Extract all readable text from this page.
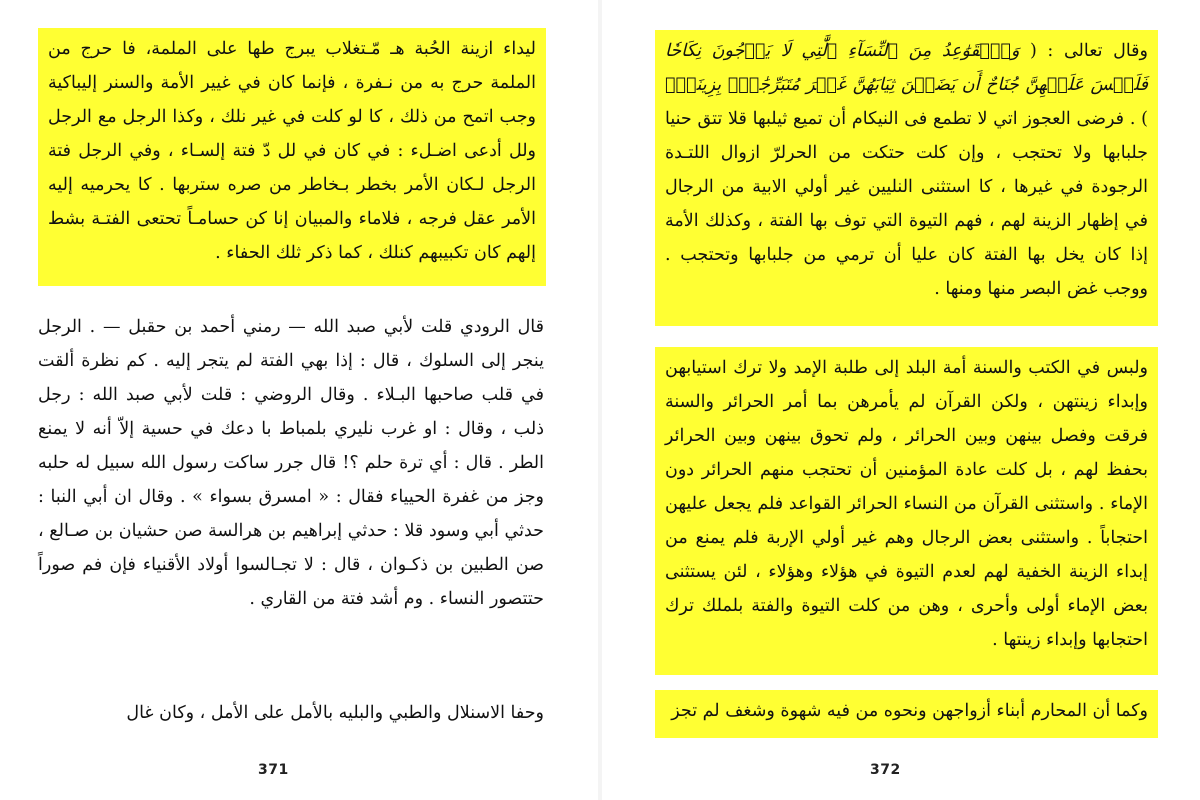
ليداء ازينة الحُبة هـ مّـتغلاب يبرج طها على الملمة، فا حرج من الملمة حرج به من نـفرة ، فإنما كان في غيير الأمة والسنر إليباكية وجب اتمح من ذلك ، كا لو كلت في غير نلك ، وكذا الرجل مع الرجل ولل أدعى اضـلء : في كان في لل دّ فتة إلسـاء ، وفي الرجل فتة الرجل لـكان الأمر بخطر بـخاطر من صره ستربها . كا يحرميه إليه الأمر عقل فرجه ، فلاماء والمبيان إنا كن حسامـاً تحتعى الفتـة بشط إلهم كان تكبيبهم كنلك ، كما ذكر ثلك الحفاء .

قال الرودي قلت لأبي صبد الله — رمني أحمد بن حقبل — . الرجل ينجر إلى السلوك ، قال : إذا بهي الفتة لم يتجر إليه . كم نظرة ألقت في قلب صاحبها البـلاء . وقال الروضي : قلت لأبي صبد الله : رجل ذلب ، وقال : او غرب نليري بلمباط با دعك في حسية إلاّ أنه لا يمنع الطر . قال : أي ترة حلم ؟! قال جرر ساكت رسول الله سبيل له حلبه وجز من غفرة الحيياء فقال : « امسرق بسواء » . وقال ان أبي النبا : حدثي أبي وسود قلا : حدثي إبراهيم بن هرالسة صن حشيان بن صـالع ، صن الطبين بن ذكـوان ، قال : لا تجـالسوا أولاد الأقنياء فإن فم صوراً حتتصور النساء . وم أشد فتة من القاري .

وحفا الاسنلال والطبي والبليه بالأمل على الأمل ، وكان غال

371

وقال تعالى : ( وَٱلۡقَوَٰعِدُ مِنَ ٱلنِّسَآءِ ٱلَّٰتِي لَا يَرۡجُونَ نِكَاحٗا فَلَيۡسَ عَلَيۡهِنَّ جُنَاحٌ أَن يَضَعۡنَ ثِيَابَهُنَّ غَيۡرَ مُتَبَرِّجَٰتِۭ بِزِينَةٖۖ ) . فرضى العجوز اتي لا تطمع فى النيكام أن تميع ثيلبها قلا تتق حنيا جلبابها ولا تحتجب ، وإن كلت حتكت من الحرلرّ ازوال اللتـدة الرجودة في غيرها ، كا استثنى النليين غير أولي الابية من الرجال في إظهار الزينة لهم ، فهم التيوة التي توف بها الفتة ، وكذلك الأمة إذا كان يخل بها الفتة كان عليا أن ترمي من جلبابها وتحتجب . ووجب غض البصر منها ومنها .

ولبس في الكتب والسنة أمة البلد إلى طلبة الإمد ولا ترك استيابهن وإبداء زينتهن ، ولكن القرآن لم يأمرهن بما أمر الحرائر والسنة فرقت وفصل بينهن وبين الحرائر ، ولم تحوق بينهن وبين الحرائر بحفظ لهم ، بل كلت عادة المؤمنين أن تحتجب منهم الحرائر دون الإماء . واستثنى القرآن من النساء الحرائر القواعد فلم يجعل عليهن احتجاباً . واستثنى بعض الرجال وهم غير أولي الإربة فلم يمنع من إبداء الزينة الخفية لهم لعدم التيوة في هؤلاء وهؤلاء ، لئن يستثنى بعض الإماء أولى وأحرى ، وهن من كلت التيوة والفتة بلملك ترك احتجابها وإبداء زينتها .

وكما أن المحارم أبناء أزواجهن ونحوه من فيه شهوة وشغف لم تجز

372
